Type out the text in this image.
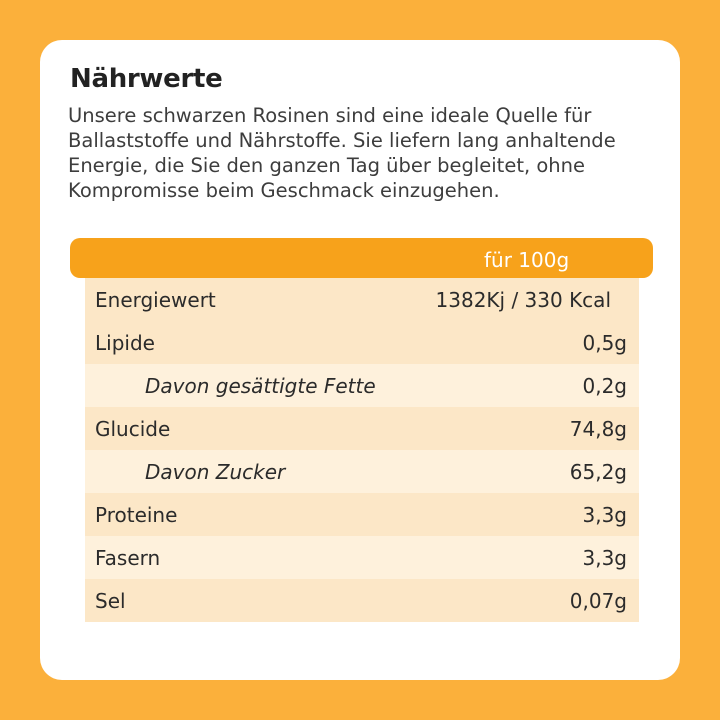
Nährwerte
Unsere schwarzen Rosinen sind eine ideale Quelle für Ballaststoffe und Nährstoffe. Sie liefern lang anhaltende Energie, die Sie den ganzen Tag über begleitet, ohne Kompromisse beim Geschmack einzugehen.
für 100g
Energiewert	1382Kj / 330 Kcal
Lipide	0,5g
Davon gesättigte Fette	0,2g
Glucide	74,8g
Davon Zucker	65,2g
Proteine	3,3g
Fasern	3,3g
Sel	0,07g
